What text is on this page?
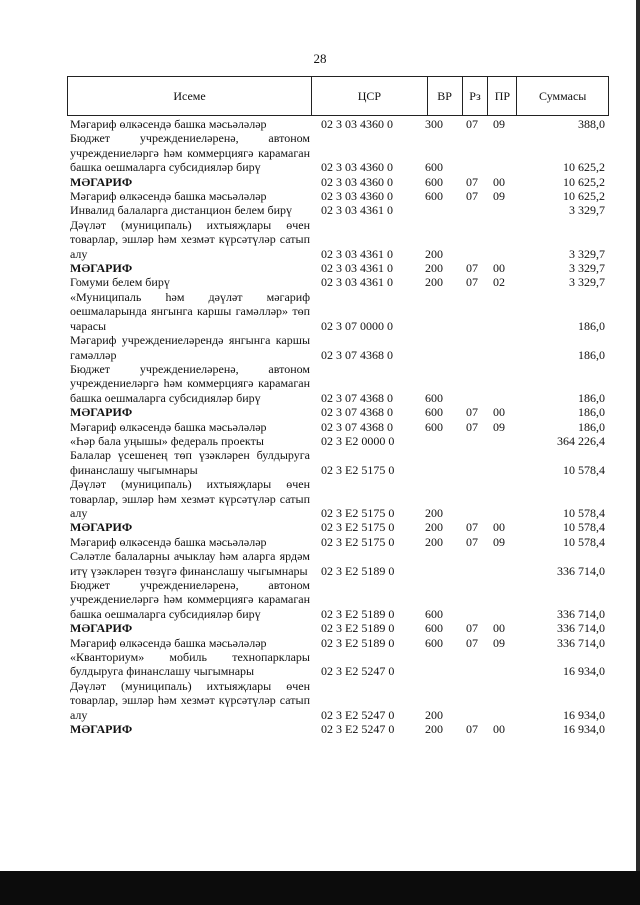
28
Исеме	ЦСР	ВР	Рз	ПР	Суммасы
Мәгариф өлкәсендә башка мәсьәләләр	02 3 03 4360 0	300	07	09	388,0
Бюджет учреждениеләренә, автоном учреждениеләргә һәм коммерциягә карамаган башка оешмаларга субсидияләр бирү	02 3 03 4360 0	600	10 625,2
МӘГАРИФ	02 3 03 4360 0	600	07	00	10 625,2
Мәгариф өлкәсендә башка мәсьәләләр	02 3 03 4360 0	600	07	09	10 625,2
Инвалид балаларга дистанцион белем бирү	02 3 03 4361 0	3 329,7
Дәүләт (муниципаль) ихтыяҗлары өчен товарлар, эшләр һәм хезмәт күрсәтүләр сатып алу	02 3 03 4361 0	200	3 329,7
МӘГАРИФ	02 3 03 4361 0	200	07	00	3 329,7
Гомуми белем бирү	02 3 03 4361 0	200	07	02	3 329,7
«Муниципаль һәм дәүләт мәгариф оешмаларында янгынга каршы гамәлләр» төп чарасы	02 3 07 0000 0	186,0
Мәгариф учреждениеләрендә янгынга каршы гамәлләр	02 3 07 4368 0	186,0
Бюджет учреждениеләренә, автоном учреждениеләргә һәм коммерциягә карамаган башка оешмаларга субсидияләр бирү	02 3 07 4368 0	600	186,0
МӘГАРИФ	02 3 07 4368 0	600	07	00	186,0
Мәгариф өлкәсендә башка мәсьәләләр	02 3 07 4368 0	600	07	09	186,0
«Һәр бала уңышы» федераль проекты	02 3 E2 0000 0	364 226,4
Балалар үсешенең төп үзәкләрен булдыруга финанслашу чыгымнары	02 3 E2 5175 0	10 578,4
Дәүләт (муниципаль) ихтыяҗлары өчен товарлар, эшләр һәм хезмәт күрсәтүләр сатып алу	02 3 E2 5175 0	200	10 578,4
МӘГАРИФ	02 3 E2 5175 0	200	07	00	10 578,4
Мәгариф өлкәсендә башка мәсьәләләр	02 3 E2 5175 0	200	07	09	10 578,4
Сәләтле балаларны ачыклау һәм аларга ярдәм итү үзәкләрен төзүгә финанслашу чыгымнары	02 3 E2 5189 0	336 714,0
Бюджет учреждениеләренә, автоном учреждениеләргә һәм коммерциягә карамаган башка оешмаларга субсидияләр бирү	02 3 E2 5189 0	600	336 714,0
МӘГАРИФ	02 3 E2 5189 0	600	07	00	336 714,0
Мәгариф өлкәсендә башка мәсьәләләр	02 3 E2 5189 0	600	07	09	336 714,0
«Кванториум» мобиль технопарклары булдыруга финанслашу чыгымнары	02 3 E2 5247 0	16 934,0
Дәүләт (муниципаль) ихтыяҗлары өчен товарлар, эшләр һәм хезмәт күрсәтүләр сатып алу	02 3 E2 5247 0	200	16 934,0
МӘГАРИФ	02 3 E2 5247 0	200	07	00	16 934,0
